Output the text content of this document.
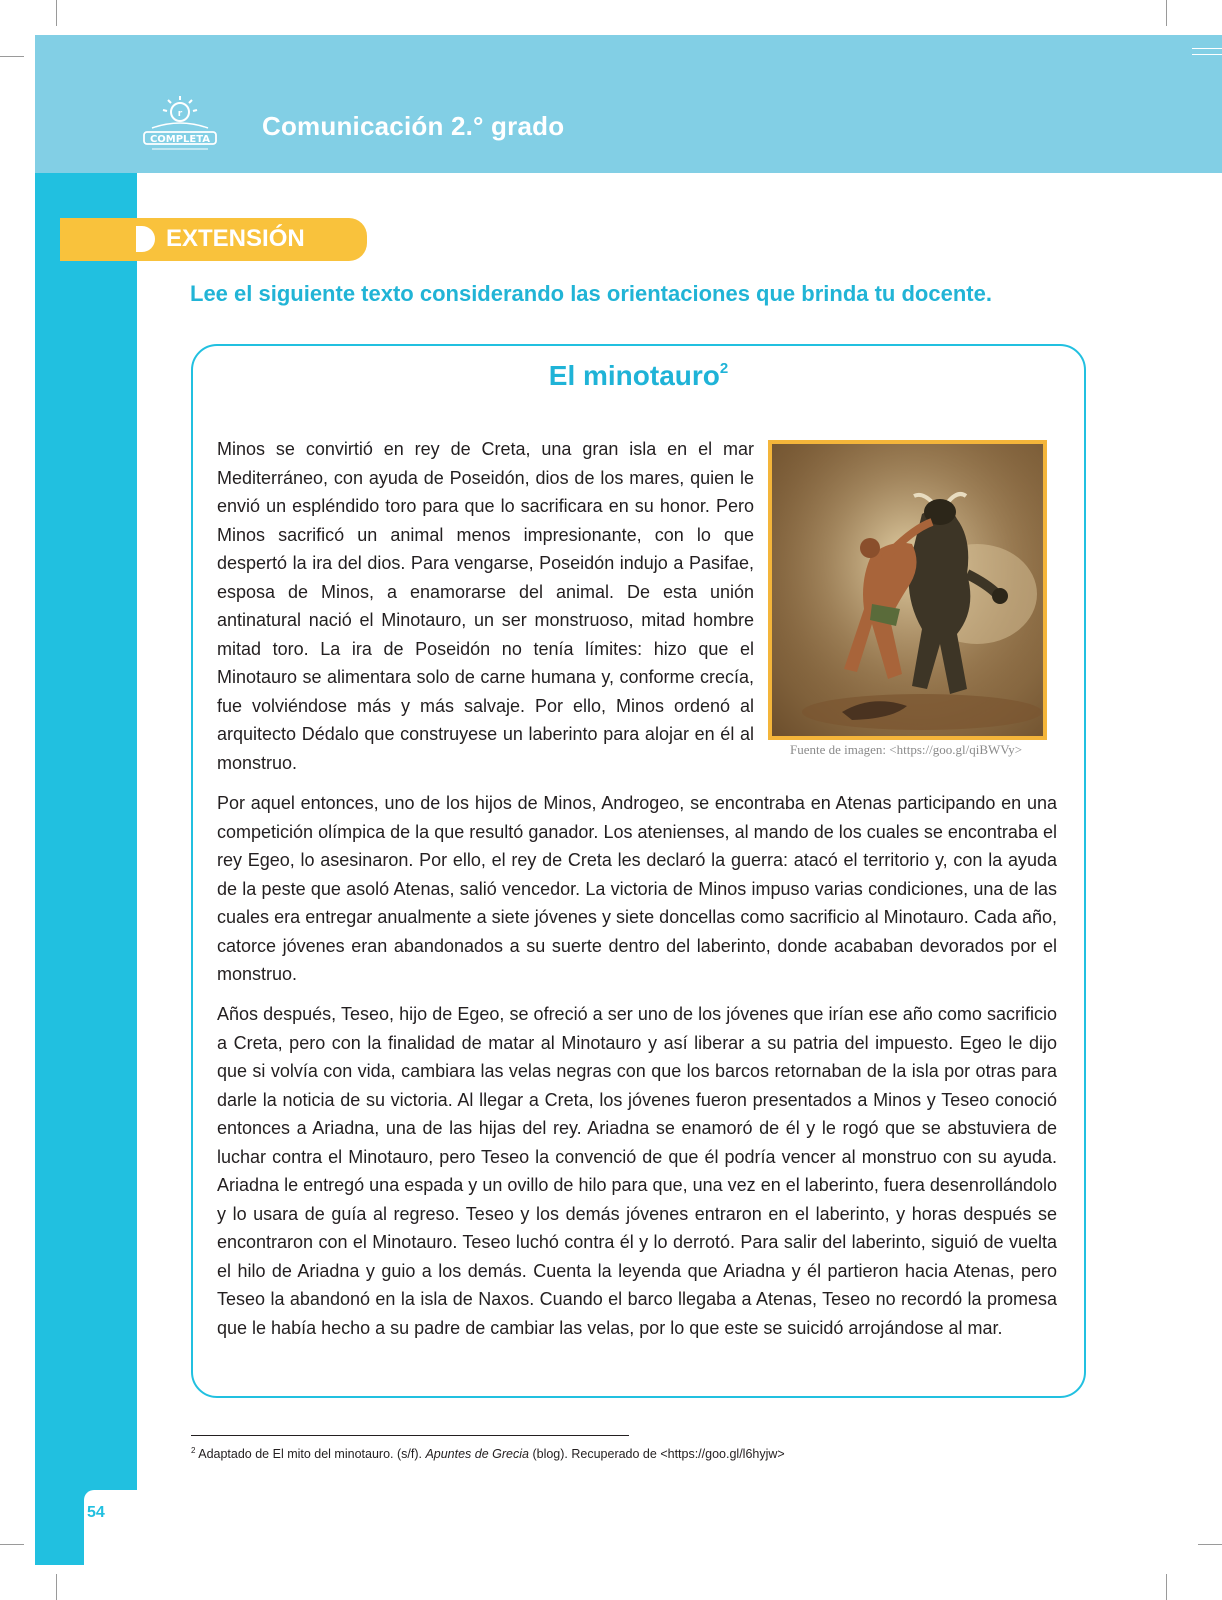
r
COMPLETA Comunicación 2.° grado
54
EXTENSIÓN
Lee el siguiente texto considerando las orientaciones que brinda tu docente.
El minotauro$^2$

Minos se convirtió en rey de Creta, una gran isla en el mar Mediterráneo, con ayuda de Poseidón, dios de los mares, quien le envió un espléndido toro para que lo sacrificara en su honor. Pero Minos sacrificó un animal menos impresionante, con lo que despertó la ira del dios. Para vengarse, Poseidón indujo a Pasifae, esposa de Minos, a enamorarse del animal. De esta unión antinatural nació el Minotauro, un ser monstruoso, mitad hombre mitad toro. La ira de Poseidón no tenía límites: hizo que el Minotauro se alimentara solo de carne humana y, conforme crecía, fue volviéndose más y más salvaje. Por ello, Minos ordenó al arquitecto Dédalo que construyese un laberinto para alojar en él al monstruo.

Fuente de imagen: <https://goo.gl/qiBWVy>

Por aquel entonces, uno de los hijos de Minos, Androgeo, se encontraba en Atenas participando en una competición olímpica de la que resultó ganador. Los atenienses, al mando de los cuales se encontraba el rey Egeo, lo asesinaron. Por ello, el rey de Creta les declaró la guerra: atacó el territorio y, con la ayuda de la peste que asoló Atenas, salió vencedor. La victoria de Minos impuso varias condiciones, una de las cuales era entregar anualmente a siete jóvenes y siete doncellas como sacrificio al Minotauro. Cada año, catorce jóvenes eran abandonados a su suerte dentro del laberinto, donde acababan devorados por el monstruo.

Años después, Teseo, hijo de Egeo, se ofreció a ser uno de los jóvenes que irían ese año como sacrificio a Creta, pero con la finalidad de matar al Minotauro y así liberar a su patria del impuesto. Egeo le dijo que si volvía con vida, cambiara las velas negras con que los barcos retornaban de la isla por otras para darle la noticia de su victoria. Al llegar a Creta, los jóvenes fueron presentados a Minos y Teseo conoció entonces a Ariadna, una de las hijas del rey. Ariadna se enamoró de él y le rogó que se abstuviera de luchar contra el Minotauro, pero Teseo la convenció de que él podría vencer al monstruo con su ayuda. Ariadna le entregó una espada y un ovillo de hilo para que, una vez en el laberinto, fuera desenrollándolo y lo usara de guía al regreso. Teseo y los demás jóvenes entraron en el laberinto, y horas después se encontraron con el Minotauro. Teseo luchó contra él y lo derrotó. Para salir del laberinto, siguió de vuelta el hilo de Ariadna y guio a los demás. Cuenta la leyenda que Ariadna y él partieron hacia Atenas, pero Teseo la abandonó en la isla de Naxos. Cuando el barco llegaba a Atenas, Teseo no recordó la promesa que le había hecho a su padre de cambiar las velas, por lo que este se suicidó arrojándose al mar.

$^2$ Adaptado de El mito del minotauro. (s/f). Apuntes de Grecia (blog). Recuperado de <https://goo.gl/l6hyjw>
